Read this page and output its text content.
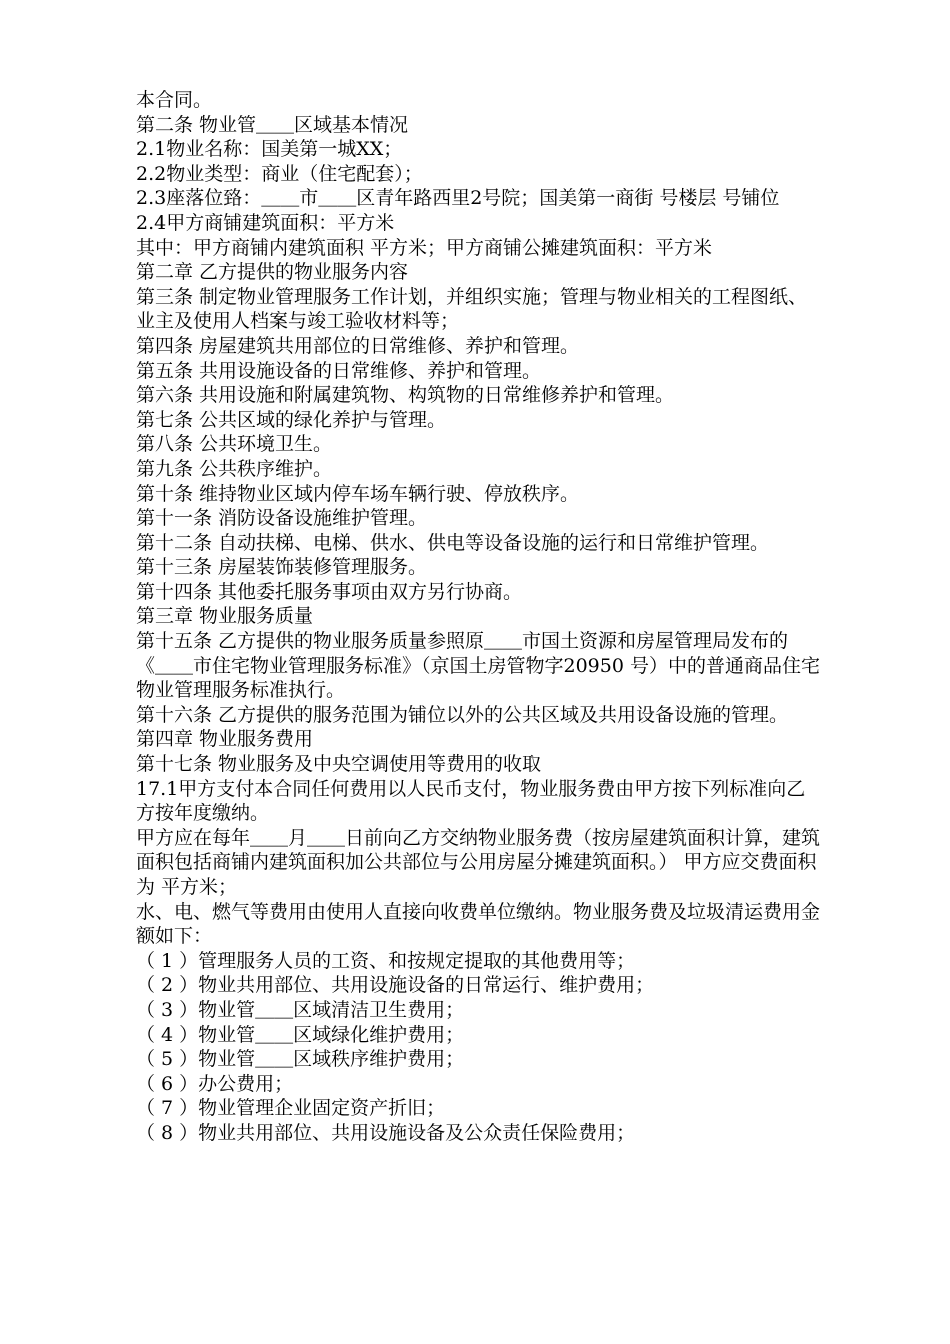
本合同。

第二条 物业管＿＿区域基本情况

2.1物业名称：国美第一城XX；

2.2物业类型：商业（住宅配套）；

2.3座落位臵：＿＿市＿＿区青年路西里2号院；国美第一商街 号楼层 号铺位

2.4甲方商铺建筑面积：平方米

其中：甲方商铺内建筑面积 平方米；甲方商铺公摊建筑面积：平方米

第二章 乙方提供的物业服务内容

第三条 制定物业管理服务工作计划，并组织实施；管理与物业相关的工程图纸、业主及使用人档案与竣工验收材料等；

第四条 房屋建筑共用部位的日常维修、养护和管理。

第五条 共用设施设备的日常维修、养护和管理。

第六条 共用设施和附属建筑物、构筑物的日常维修养护和管理。

第七条 公共区域的绿化养护与管理。

第八条 公共环境卫生。

第九条 公共秩序维护。

第十条 维持物业区域内停车场车辆行驶、停放秩序。

第十一条 消防设备设施维护管理。

第十二条 自动扶梯、电梯、供水、供电等设备设施的运行和日常维护管理。

第十三条 房屋装饰装修管理服务。

第十四条 其他委托服务事项由双方另行协商。

第三章 物业服务质量

第十五条 乙方提供的物业服务质量参照原＿＿市国土资源和房屋管理局发布的《＿＿市住宅物业管理服务标准》（京国土房管物字20950 号）中的普通商品住宅物业管理服务标准执行。

第十六条 乙方提供的服务范围为铺位以外的公共区域及共用设备设施的管理。

第四章 物业服务费用

第十七条 物业服务及中央空调使用等费用的收取

17.1甲方支付本合同任何费用以人民币支付，物业服务费由甲方按下列标准向乙方按年度缴纳。

甲方应在每年＿＿月＿＿日前向乙方交纳物业服务费（按房屋建筑面积计算，建筑面积包括商铺内建筑面积加公共部位与公用房屋分摊建筑面积。） 甲方应交费面积为 平方米；

水、电、燃气等费用由使用人直接向收费单位缴纳。物业服务费及垃圾清运费用金额如下：

（ 1 ）管理服务人员的工资、和按规定提取的其他费用等；

（ 2 ）物业共用部位、共用设施设备的日常运行、维护费用；

（ 3 ）物业管＿＿区域清洁卫生费用；

（ 4 ）物业管＿＿区域绿化维护费用；

（ 5 ）物业管＿＿区域秩序维护费用；

（ 6 ）办公费用；

（ 7 ）物业管理企业固定资产折旧；

（ 8 ）物业共用部位、共用设施设备及公众责任保险费用；
